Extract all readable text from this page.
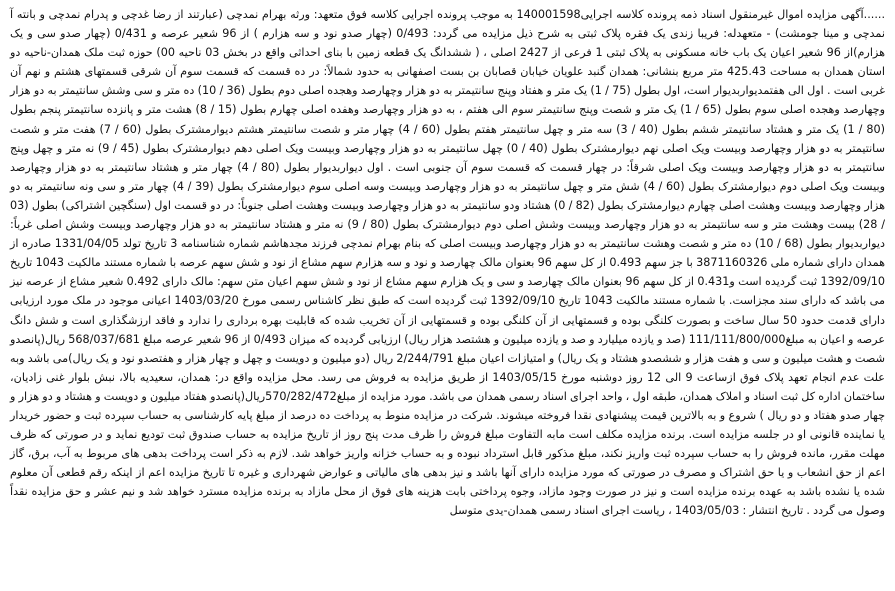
......آگهی مزایده اموال غیرمنقول اسناد ذمه پرونده کلاسه اجرایی140001598 به موجب پرونده اجرایی کلاسه فوق متعهد: ورثه بهرام نمدچی (عبارتند از رضا غدچی و پدرام نمدچی و بانته آ نمدچی و مینا جومشت) - متعهدله: فریبا زندی یک فقره پلاک ثبتی به شرح ذیل مزایده می گردد: 0/493 (چهار صدو نود و سه هزارم ) از 96 شعیر عرصه و 0/431 (چهار صدو سی و یک هزارم)از 96 شعیر اعیان یک باب خانه مسکونی به پلاک ثبتی 1 فرعی از 2427 اصلی ، ( ششدانگ یک قطعه زمین با بنای احداثی واقع در بخش 03 ناحیه 00) حوزه ثبت ملک همدان-ناحیه دو استان همدان به مساحت 425.43 متر مربع بنشانی: همدان گنبد علویان خیابان قصابان بن بست اصفهانی به حدود شمالاً: در ده قسمت که قسمت سوم آن شرقی قسمتهای هشتم و نهم آن غربی است . اول الی هفتمدیواربدیوار است، اول بطول (75 / 1) یک متر و هفتاد وپنج سانتیمتر به دو هزار وچهارصد وهجده اصلی دوم بطول (36 / 10) ده متر و سی وشش سانتیمتر به دو هزار وچهارصد وهجده اصلی سوم بطول (65 / 1) یک متر و شصت وپنج سانتیمتر سوم الی هفتم ، به دو هزار وچهارصد وهفده اصلی چهارم بطول (15 / 8) هشت متر و پانزده سانتیمتر پنجم بطول (80 / 1) یک متر و هشتاد سانتیمتر ششم بطول (40 / 3) سه متر و چهل سانتیمتر هفتم بطول (60 / 4) چهار متر و شصت سانتیمتر هشتم دیوارمشترک بطول (60 / 7) هفت متر و شصت سانتیمتر به دو هزار وچهارصد وبیست ویک اصلی نهم دیوارمشترک بطول (40 / 0) چهل سانتیمتر به دو هزار وچهارصد وبیست ویک اصلی دهم دیوارمشترک بطول (45 / 9) نه متر و چهل وپنج سانتیمتر به دو هزار وچهارصد وبیست ویک اصلی شرقاً: در چهار قسمت که قسمت سوم آن جنوبی است . اول دیواربدیوار بطول (80 / 4) چهار متر و هشتاد سانتیمتر به دو هزار وچهارصد وبیست ویک اصلی دوم دیوارمشترک بطول (60 / 4) شش متر و چهل سانتیمتر به دو هزار وچهارصد وبیست وسه اصلی سوم دیوارمشترک بطول (39 / 4) چهار متر و سی ونه سانتیمتر به دو هزار وچهارصد وبیست وهشت اصلی چهارم دیوارمشترک بطول (82 / 0) هشتاد ودو سانتیمتر به دو هزار وچهارصد وبیست وهشت اصلی جنوباً: در دو قسمت اول (سنگچین اشتراکی) بطول (03 / 28) بیست وهشت متر و سه سانتیمتر به دو هزار وچهارصد وبیست وشش اصلی دوم دیوارمشترک بطول (80 / 9) نه متر و هشتاد سانتیمتر به دو هزار وچهارصد وبیست وشش اصلی غرباً: دیواربدیوار بطول (68 / 10) ده متر و شصت وهشت سانتیمتر به دو هزار وچهارصد وبیست اصلی که بنام بهرام نمدچی فرزند مجدهاشم شماره شناسنامه 3 تاریخ تولد 1331/04/05 صادره از همدان دارای شماره ملی 3871160326 با جز سهم 0.493 از کل سهم 96 بعنوان مالک چهارصد و نود و سه هزارم سهم مشاع از نود و شش سهم عرصه با شماره مستند مالکیت 1043 تاریخ 1392/09/10 ثبت گردیده است و0.431 از کل سهم 96 بعنوان مالک چهارصد و سی و یک هزارم سهم مشاع از نود و شش سهم اعیان متن سهم: مالک دارای 0.492 شعیر مشاع از عرصه نیز می باشد که دارای سند مجزاست. با شماره مستند مالکیت 1043 تاریخ 1392/09/10 ثبت گردیده است که طبق نظر کاشناس رسمی مورخ 1403/03/20 اعیانی موجود در ملک مورد ارزیابی دارای قدمت حدود 50 سال ساخت و بصورت کلنگی بوده و قسمتهایی از آن کلنگی بوده و قسمتهایی از آن تخریب شده که قابلیت بهره برداری را ندارد و فاقد ارزشگذاری است و شش دانگ عرصه و اعیان به مبلغ111/111/800/000 (صد و یازده میلیارد و صد و یازده میلیون و هشتصد هزار ریال) ارزیابی گردیده که میزان 0/493 از 96 شعیر عرصه مبلغ 568/037/681 ریال(پانصدو شصت و هشت میلیون و سی و هفت هزار و ششصدو هشتاد و یک ریال) و امتیازات اعیان مبلغ 2/244/791 ریال (دو میلیون و دویست و چهل و چهار هزار و هفتصدو نود و یک ریال)می باشد وبه علت عدم انجام تعهد پلاک فوق ازساعت 9 الی 12 روز دوشنبه مورخ 1403/05/15 از طریق مزایده به فروش می رسد. محل مزایده واقع در: همدان، سعیدیه بالا، نبش بلوار غنی زادیان، ساختمان اداره کل ثبت اسناد و املاک همدان، طبقه اول ، واحد اجرای اسناد رسمی همدان می باشد. مورد مزایده از مبلغ570/282/472ریال(پانصدو هفتاد میلیون و دویست و هشتاد و دو هزار و چهار صدو هفتاد و دو ریال ) شروع و به بالاترین قیمت پیشنهادی نقدا فروخته میشوند. شرکت در مزایده منوط به پرداخت ده درصد از مبلغ پایه کارشناسی به حساب سپرده ثبت و حضور خریدار یا نماینده قانونی او در جلسه مزایده است. برنده مزایده مکلف است مابه التفاوت مبلغ فروش را ظرف مدت پنج روز از تاریخ مزایده به حساب صندوق ثبت تودیع نماید و در صورتی که ظرف مهلت مقرر، مانده فروش را به حساب سپرده ثبت واریز نکند، مبلغ مذکور قابل استرداد نبوده و به حساب خزانه واریز خواهد شد. لازم به ذکر است پرداخت بدهی های مربوط به آب، برق، گاز اعم از حق انشعاب و یا حق اشتراک و مصرف در صورتی که مورد مزایده دارای آنها باشد و نیز بدهی های مالیاتی و عوارض شهرداری و غیره تا تاریخ مزایده اعم از اینکه رقم قطعی آن معلوم شده یا نشده باشد به عهده برنده مزایده است و نیز در صورت وجود مازاد، وجوه پرداختی بابت هزینه های فوق از محل مازاد به برنده مزایده مسترد خواهد شد و نیم عشر و حق مزایده نقداً وصول می گردد . تاریخ انتشار : 1403/05/03 ، ریاست اجرای اسناد رسمی همدان-یدی متوسل
